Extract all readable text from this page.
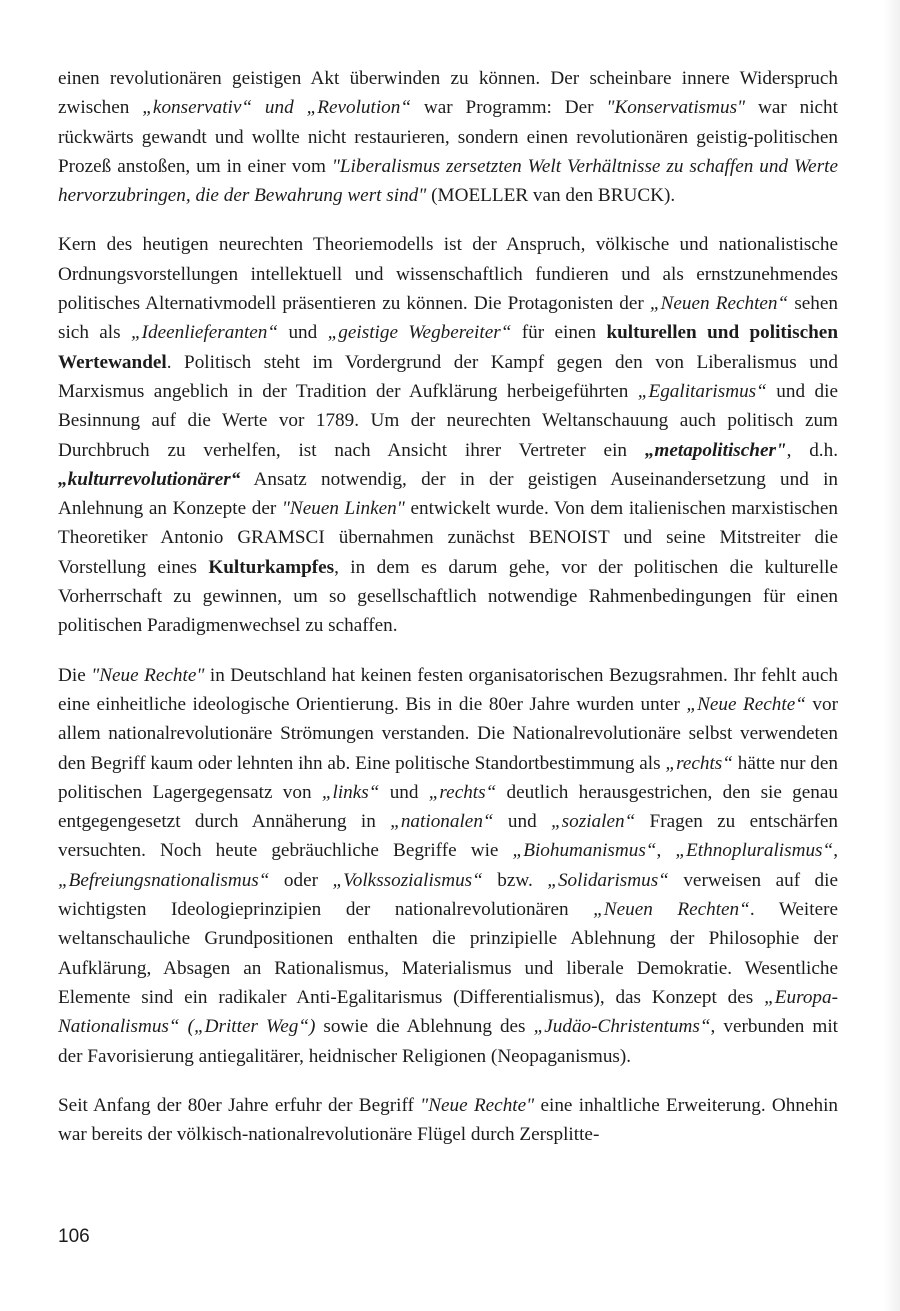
einen revolutionären geistigen Akt überwinden zu können. Der scheinbare innere Widerspruch zwischen „konservativ“ und „Revolution“ war Programm: Der "Konservatismus" war nicht rückwärts gewandt und wollte nicht restaurieren, sondern einen revolutionären geistig-politischen Prozeß anstoßen, um in einer vom "Liberalismus zersetzten Welt Verhältnisse zu schaffen und Werte hervorzubringen, die der Bewahrung wert sind" (MOELLER van den BRUCK).

Kern des heutigen neurechten Theoriemodells ist der Anspruch, völkische und nationalistische Ordnungsvorstellungen intellektuell und wissenschaftlich fundieren und als ernstzunehmendes politisches Alternativmodell präsentieren zu können. Die Protagonisten der „Neuen Rechten“ sehen sich als „Ideenlieferanten“ und „geistige Wegbereiter“ für einen kulturellen und politischen Wertewandel. Politisch steht im Vordergrund der Kampf gegen den von Liberalismus und Marxismus angeblich in der Tradition der Aufklärung herbeigeführten „Egalitarismus“ und die Besinnung auf die Werte vor 1789. Um der neurechten Weltanschauung auch politisch zum Durchbruch zu verhelfen, ist nach Ansicht ihrer Vertreter ein „metapolitischer", d.h. „kulturrevolutionärer“ Ansatz notwendig, der in der geistigen Auseinandersetzung und in Anlehnung an Konzepte der "Neuen Linken" entwickelt wurde. Von dem italienischen marxistischen Theoretiker Antonio GRAMSCI übernahmen zunächst BENOIST und seine Mitstreiter die Vorstellung eines Kulturkampfes, in dem es darum gehe, vor der politischen die kulturelle Vorherrschaft zu gewinnen, um so gesellschaftlich notwendige Rahmenbedingungen für einen politischen Paradigmenwechsel zu schaffen.

Die "Neue Rechte" in Deutschland hat keinen festen organisatorischen Bezugsrahmen. Ihr fehlt auch eine einheitliche ideologische Orientierung. Bis in die 80er Jahre wurden unter „Neue Rechte“ vor allem nationalrevolutionäre Strömungen verstanden. Die Nationalrevolutionäre selbst verwendeten den Begriff kaum oder lehnten ihn ab. Eine politische Standortbestimmung als „rechts“ hätte nur den politischen Lagergegensatz von „links“ und „rechts“ deutlich herausgestrichen, den sie genau entgegengesetzt durch Annäherung in „nationalen“ und „sozialen“ Fragen zu entschärfen versuchten. Noch heute gebräuchliche Begriffe wie „Biohumanismus“, „Ethnopluralismus“, „Befreiungsnationalismus“ oder „Volkssozialismus“ bzw. „Solidarismus“ verweisen auf die wichtigsten Ideologieprinzipien der nationalrevolutionären „Neuen Rechten“. Weitere weltanschauliche Grundpositionen enthalten die prinzipielle Ablehnung der Philosophie der Aufklärung, Absagen an Rationalismus, Materialismus und liberale Demokratie. Wesentliche Elemente sind ein radikaler Anti-Egalitarismus (Differentialismus), das Konzept des „Europa-Nationalismus“ („Dritter Weg“) sowie die Ablehnung des „Judäo-Christentums“, verbunden mit der Favorisierung antiegalitärer, heidnischer Religionen (Neopaganismus).

Seit Anfang der 80er Jahre erfuhr der Begriff "Neue Rechte" eine inhaltliche Erweiterung. Ohnehin war bereits der völkisch-nationalrevolutionäre Flügel durch Zersplitte-

106
